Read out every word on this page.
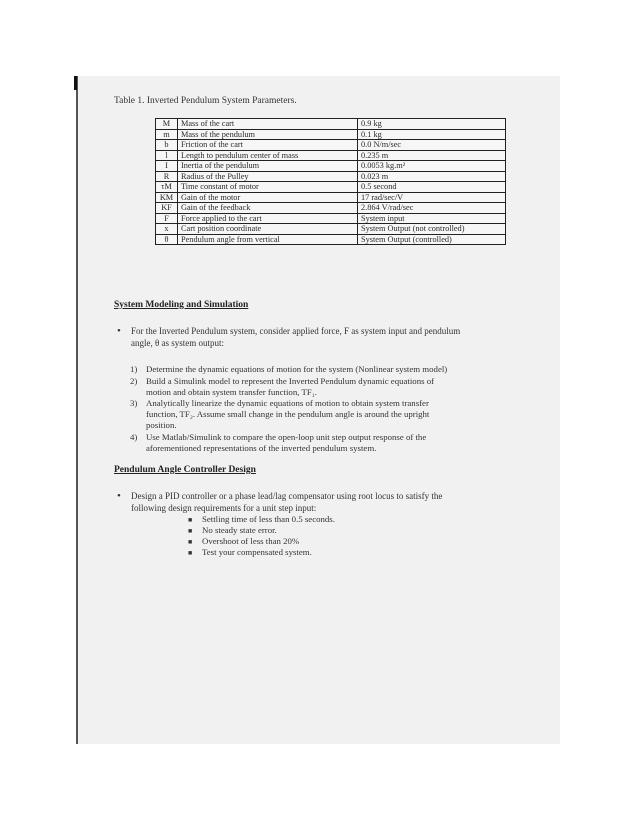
Table 1. Inverted Pendulum System Parameters.
M	Mass of the cart	0.9 kg
m	Mass of the pendulum	0.1 kg
b	Friction of the cart	0.0 N/m/sec
l	Length to pendulum center of mass	0.235 m
I	Inertia of the pendulum	0.0053 kg.m²
R	Radius of the Pulley	0.023 m
τM	Time constant of motor	0.5 second
KM	Gain of the motor	17 rad/sec/V
KF	Gain of the feedback	2.864 V/rad/sec
F	Force applied to the cart	System input
x	Cart position coordinate	System Output (not controlled)
θ	Pendulum angle from vertical	System Output (controlled)
System Modeling and Simulation
• For the Inverted Pendulum system, consider applied force, F as system input and pendulum
angle, θ as system output:
1) Determine the dynamic equations of motion for the system (Nonlinear system model)
2) Build a Simulink model to represent the Inverted Pendulum dynamic equations of
motion and obtain system transfer function, TF₁.
3) Analytically linearize the dynamic equations of motion to obtain system transfer
function, TF₂. Assume small change in the pendulum angle is around the upright
position.
4) Use Matlab/Simulink to compare the open-loop unit step output response of the
aforementioned representations of the inverted pendulum system.
Pendulum Angle Controller Design
• Design a PID controller or a phase lead/lag compensator using root locus to satisfy the
following design requirements for a unit step input:
■ Settling time of less than 0.5 seconds.
■ No steady state error.
■ Overshoot of less than 20%
■ Test your compensated system.
